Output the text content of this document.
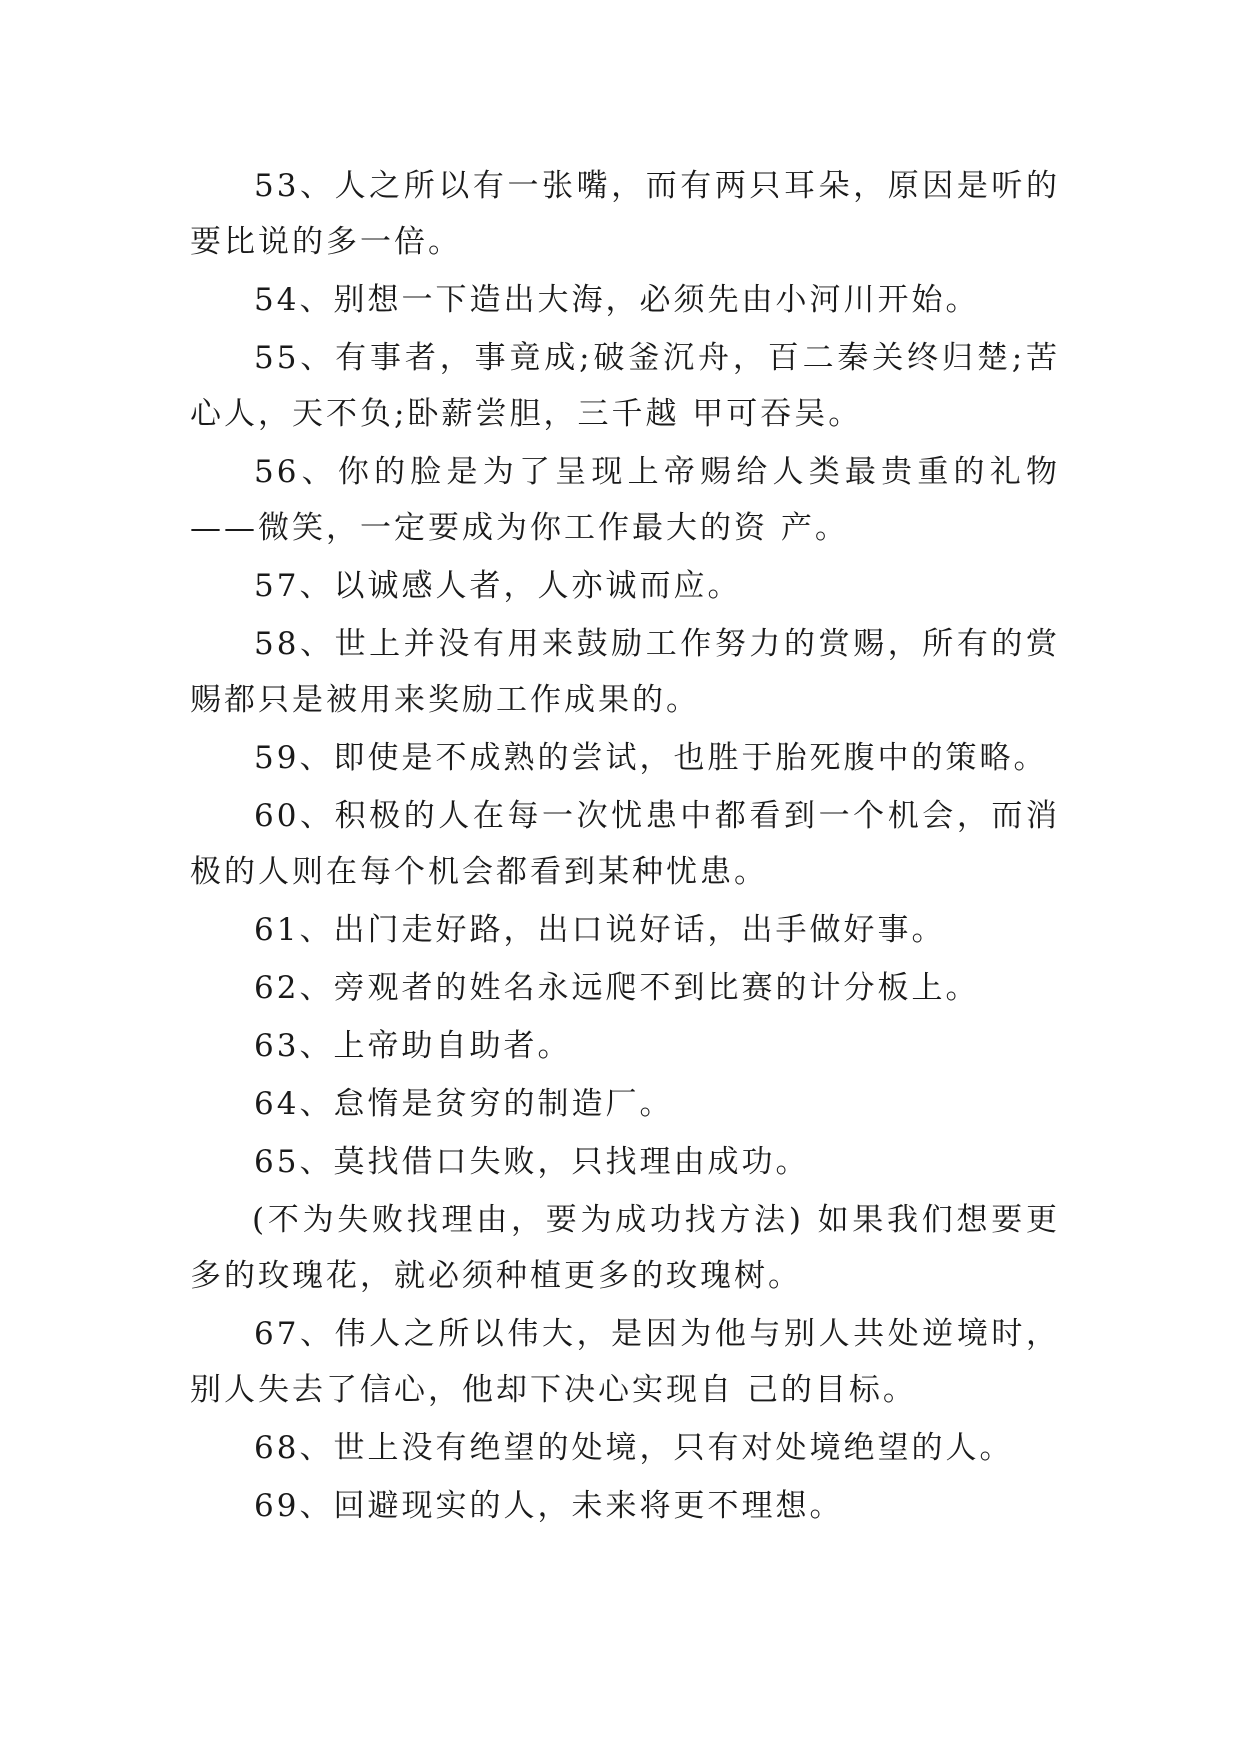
53、人之所以有一张嘴，而有两只耳朵，原因是听的要比说的多一倍。

54、别想一下造出大海，必须先由小河川开始。

55、有事者，事竟成;破釜沉舟，百二秦关终归楚;苦心人，天不负;卧薪尝胆，三千越 甲可吞吴。

56、你的脸是为了呈现上帝赐给人类最贵重的礼物——微笑，一定要成为你工作最大的资 产。

57、以诚感人者，人亦诚而应。

58、世上并没有用来鼓励工作努力的赏赐，所有的赏赐都只是被用来奖励工作成果的。

59、即使是不成熟的尝试，也胜于胎死腹中的策略。

60、积极的人在每一次忧患中都看到一个机会，而消极的人则在每个机会都看到某种忧患。

61、出门走好路，出口说好话，出手做好事。

62、旁观者的姓名永远爬不到比赛的计分板上。

63、上帝助自助者。

64、怠惰是贫穷的制造厂。

65、莫找借口失败，只找理由成功。

(不为失败找理由，要为成功找方法) 如果我们想要更多的玫瑰花，就必须种植更多的玫瑰树。

67、伟人之所以伟大，是因为他与别人共处逆境时，别人失去了信心，他却下决心实现自 己的目标。

68、世上没有绝望的处境，只有对处境绝望的人。

69、回避现实的人，未来将更不理想。
